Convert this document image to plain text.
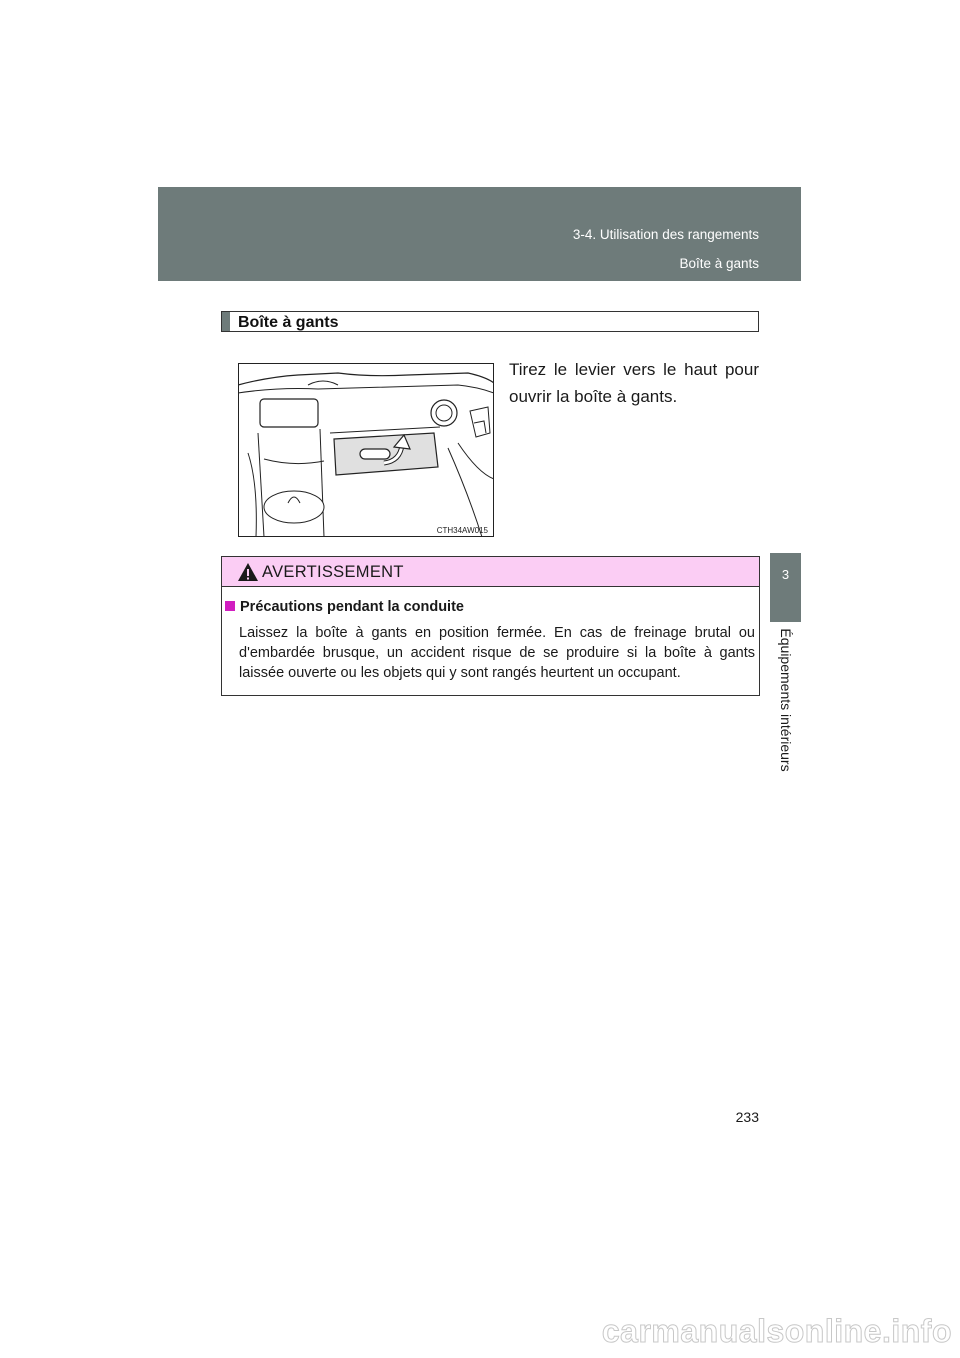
3-4. Utilisation des rangements
Boîte à gants
3
Équipements intérieurs
Boîte à gants
CTH34AW015
Tirez le levier vers le haut pour ouvrir la boîte à gants.
AVERTISSEMENT
Précautions pendant la conduite
Laissez la boîte à gants en position fermée. En cas de freinage brutal ou d'embardée brusque, un accident risque de se produire si la boîte à gants laissée ouverte ou les objets qui y sont rangés heurtent un occupant.
233
carmanualsonline.info
